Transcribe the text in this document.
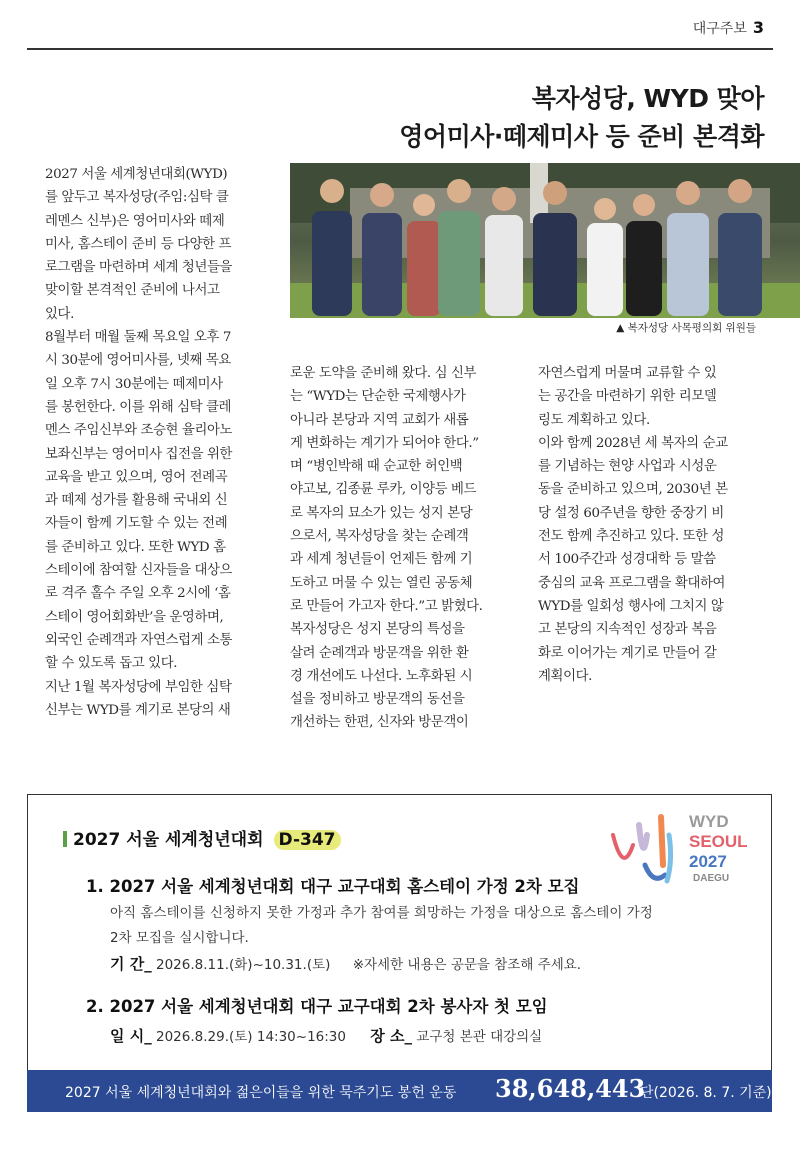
대구주보 3
복자성당, WYD 맞아
영어미사·떼제미사 등 준비 본격화

2027 서울 세계청년대회(WYD)
를 앞두고 복자성당(주임:심탁 클
레멘스 신부)은 영어미사와 떼제
미사, 홈스테이 준비 등 다양한 프
로그램을 마련하며 세계 청년들을
맞이할 본격적인 준비에 나서고
있다.

8월부터 매월 둘째 목요일 오후 7
시 30분에 영어미사를, 넷째 목요
일 오후 7시 30분에는 떼제미사
를 봉헌한다. 이를 위해 심탁 클레
멘스 주임신부와 조승현 율리아노
보좌신부는 영어미사 집전을 위한
교육을 받고 있으며, 영어 전례곡
과 떼제 성가를 활용해 국내외 신
자들이 함께 기도할 수 있는 전례
를 준비하고 있다. 또한 WYD 홈
스테이에 참여할 신자들을 대상으
로 격주 홀수 주일 오후 2시에 ‘홈
스테이 영어회화반’을 운영하며,
외국인 순례객과 자연스럽게 소통
할 수 있도록 돕고 있다.

지난 1월 복자성당에 부임한 심탁
신부는 WYD를 계기로 본당의 새

▲ 복자성당 사목평의회 위원들

로운 도약을 준비해 왔다. 심 신부
는 “WYD는 단순한 국제행사가
아니라 본당과 지역 교회가 새롭
게 변화하는 계기가 되어야 한다.”
며 “병인박해 때 순교한 허인백
야고보, 김종륜 루카, 이양등 베드
로 복자의 묘소가 있는 성지 본당
으로서, 복자성당을 찾는 순례객
과 세계 청년들이 언제든 함께 기
도하고 머물 수 있는 열린 공동체
로 만들어 가고자 한다.”고 밝혔다.

복자성당은 성지 본당의 특성을
살려 순례객과 방문객을 위한 환
경 개선에도 나선다. 노후화된 시
설을 정비하고 방문객의 동선을
개선하는 한편, 신자와 방문객이

자연스럽게 머물며 교류할 수 있
는 공간을 마련하기 위한 리모델
링도 계획하고 있다.

이와 함께 2028년 세 복자의 순교
를 기념하는 현양 사업과 시성운
동을 준비하고 있으며, 2030년 본
당 설정 60주년을 향한 중장기 비
전도 함께 추진하고 있다. 또한 성
서 100주간과 성경대학 등 말씀
중심의 교육 프로그램을 확대하여
WYD를 일회성 행사에 그치지 않
고 본당의 지속적인 성장과 복음
화로 이어가는 계기로 만들어 갈
계획이다.

2027 서울 세계청년대회 D-347
WYD
SEOUL
2027
DAEGU
1. 2027 서울 세계청년대회 대구 교구대회 홈스테이 가정 2차 모집
아직 홈스테이를 신청하지 못한 가정과 추가 참여를 희망하는 가정을 대상으로 홈스테이 가정
2차 모집을 실시합니다.
기 간_ 2026.8.11.(화)~10.31.(토) ※자세한 내용은 공문을 참조해 주세요.
2. 2027 서울 세계청년대회 대구 교구대회 2차 봉사자 첫 모임
일 시_ 2026.8.29.(토) 14:30~16:30 장 소_ 교구청 본관 대강의실
2027 서울 세계청년대회와 젊은이들을 위한 묵주기도 봉헌 운동 38,648,443
단(2026. 8. 7. 기준)
